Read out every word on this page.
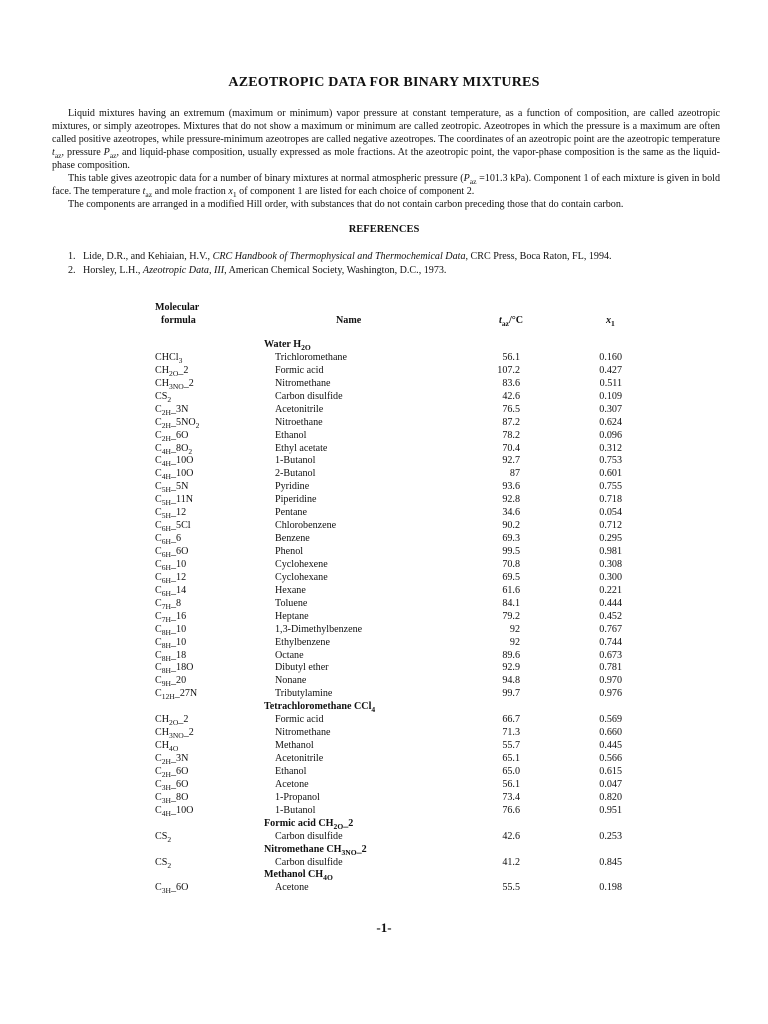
AZEOTROPIC DATA FOR BINARY MIXTURES

Liquid mixtures having an extremum (maximum or minimum) vapor pressure at constant temperature, as a function of composition, are called azeotropic mixtures, or simply azeotropes. Mixtures that do not show a maximum or minimum are called zeotropic. Azeotropes in which the pressure is a maximum are often called positive azeotropes, while pressure-minimum azeotropes are called negative azeotropes. The coordinates of an azeotropic point are the azeotropic temperature $t_{az}$, pressure $P_{az}$, and liquid-phase composition, usually expressed as mole fractions. At the azeotropic point, the vapor-phase composition is the same as the liquid-phase composition.

This table gives azeotropic data for a number of binary mixtures at normal atmospheric pressure ($P_{az} =101.3$ kPa). Component 1 of each mixture is given in bold face. The temperature $t_{az}$ and mole fraction $x_1$ of component 1 are listed for each choice of component 2.

The components are arranged in a modified Hill order, with substances that do not contain carbon preceding those that do contain carbon.

REFERENCES
1. Lide, D.R., and Kehiaian, H.V., CRC Handbook of Thermophysical and Thermochemical Data, CRC Press, Boca Raton, FL, 1994.
2. Horsley, L.H., Azeotropic Data, III, American Chemical Society, Washington, D.C., 1973.
Molecular
formula	Name	$t_{az}/^\circ C$	$x_1$
Water $H_{2O}$
CHCl$_3$	Trichloromethane	56.1	0.160
$CH_{2O}\_2$	Formic acid	107.2	0.427
$CH_{3NO}\_2$	Nitromethane	83.6	0.511
$CS_2$	Carbon disulfide	42.6	0.109
$C_{2H}\_3N$	Acetonitrile	76.5	0.307
$C_{2H}\_5NO_2$	Nitroethane	87.2	0.624
$C_{2H}\_6O$	Ethanol	78.2	0.096
$C_{4H}\_8O_2$	Ethyl acetate	70.4	0.312
$C_{4H}\_10O$	1-Butanol	92.7	0.753
$C_{4H}\_10O$	2-Butanol	87	0.601
$C_{5H}\_5N$	Pyridine	93.6	0.755
$C_{5H}\_11N$	Piperidine	92.8	0.718
$C_{5H}\_12$	Pentane	34.6	0.054
$C_{6H}\_5Cl$	Chlorobenzene	90.2	0.712
$C_{6H}\_6$	Benzene	69.3	0.295
$C_{6H}\_6O$	Phenol	99.5	0.981
$C_{6H}\_10$	Cyclohexene	70.8	0.308
$C_{6H}\_12$	Cyclohexane	69.5	0.300
$C_{6H}\_14$	Hexane	61.6	0.221
$C_{7H}\_8$	Toluene	84.1	0.444
$C_{7H}\_16$	Heptane	79.2	0.452
$C_{8H}\_10$	1,3-Dimethylbenzene	92	0.767
$C_{8H}\_10$	Ethylbenzene	92	0.744
$C_{8H}\_18$	Octane	89.6	0.673
$C_{8H}\_18O$	Dibutyl ether	92.9	0.781
$C_{9H}\_20$	Nonane	94.8	0.970
$C_{12H}\_27N$	Tributylamine	99.7	0.976
Tetrachloromethane CCl$_4$
$CH_{2O}\_2$	Formic acid	66.7	0.569
$CH_{3NO}\_2$	Nitromethane	71.3	0.660
$CH_{4O}$	Methanol	55.7	0.445
$C_{2H}\_3N$	Acetonitrile	65.1	0.566
$C_{2H}\_6O$	Ethanol	65.0	0.615
$C_{3H}\_6O$	Acetone	56.1	0.047
$C_{3H}\_8O$	1-Propanol	73.4	0.820
$C_{4H}\_10O$	1-Butanol	76.6	0.951
Formic acid $CH_{2O}\_2$
$CS_2$	Carbon disulfide	42.6	0.253
Nitromethane $CH_{3NO}\_2$
$CS_2$	Carbon disulfide	41.2	0.845
Methanol $CH_{4O}$
$C_{3H}\_6O$	Acetone	55.5	0.198
-1-
